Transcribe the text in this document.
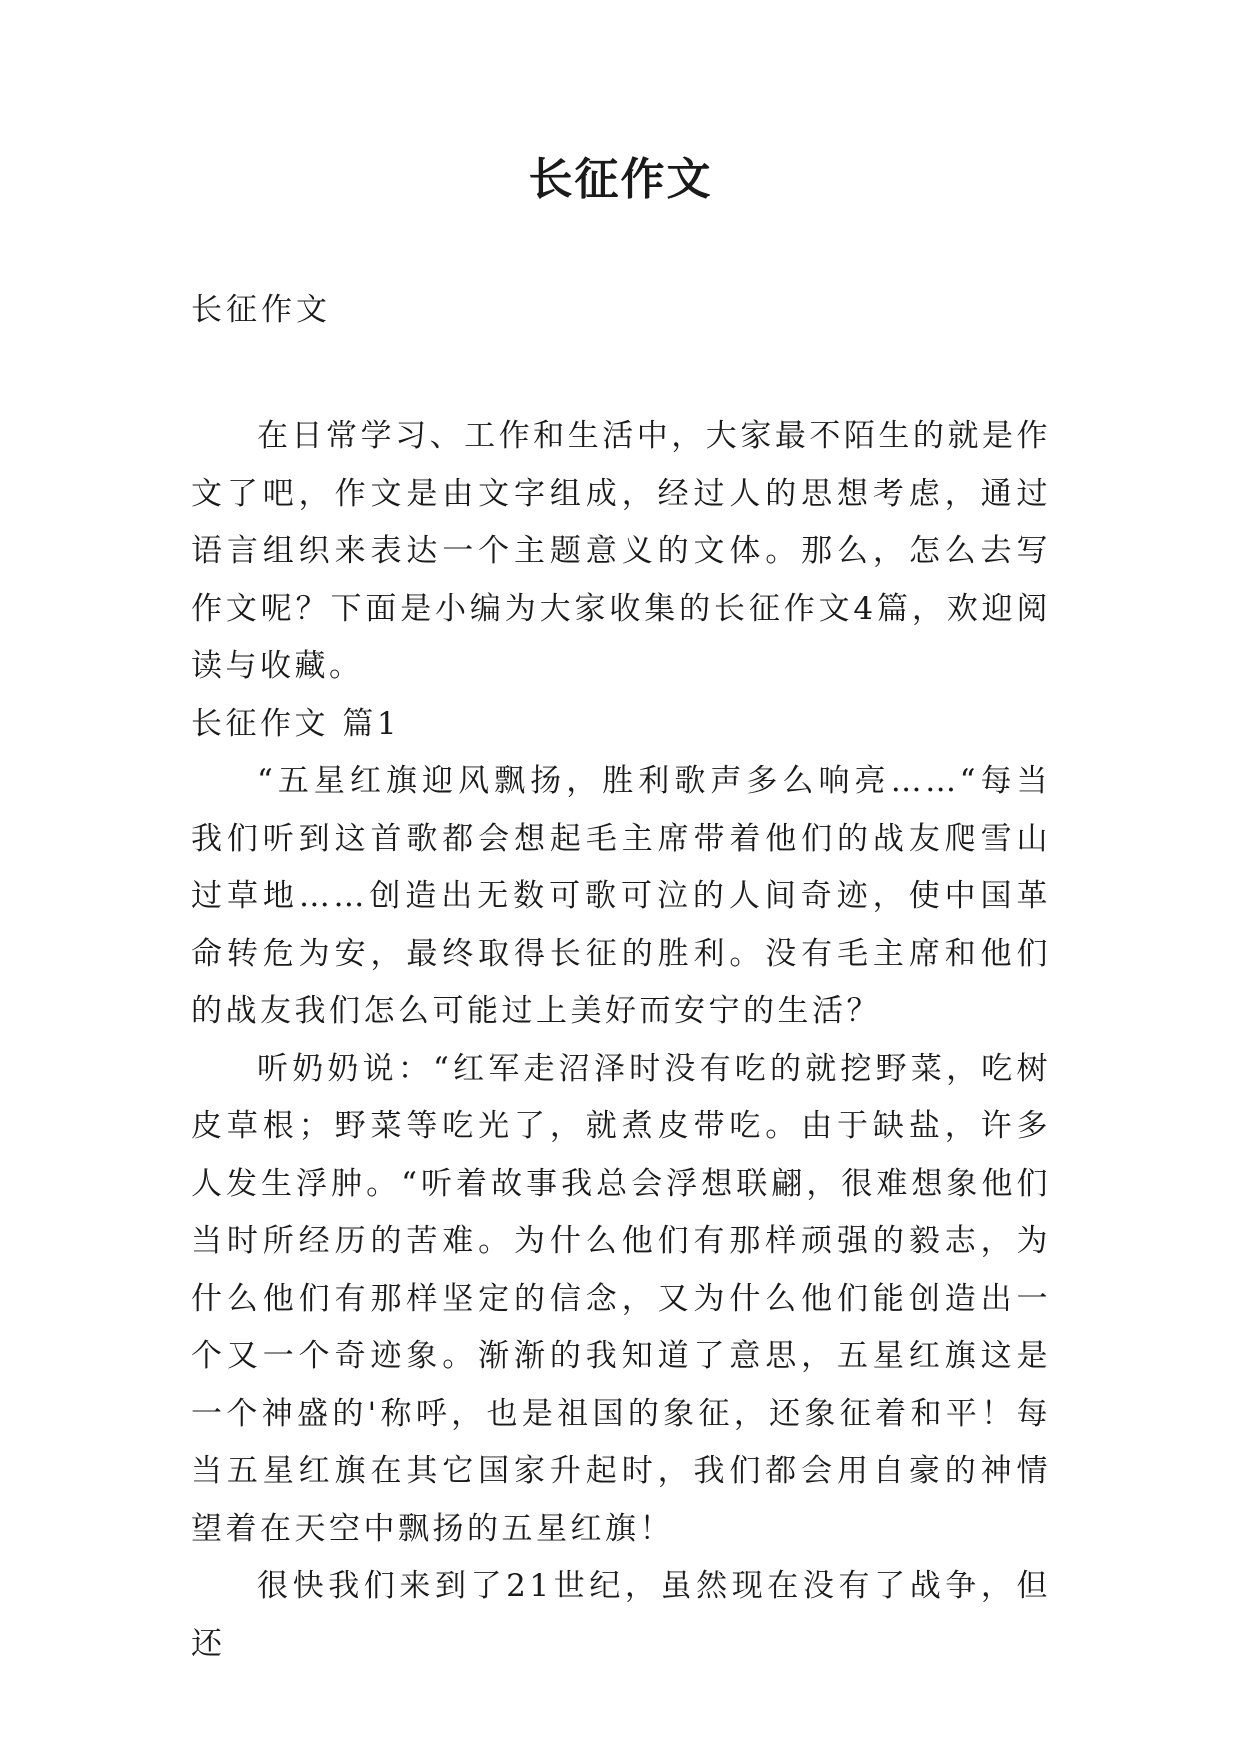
长征作文

长征作文

在日常学习、工作和生活中，大家最不陌生的就是作文了吧，作文是由文字组成，经过人的思想考虑，通过语言组织来表达一个主题意义的文体。那么，怎么去写作文呢？下面是小编为大家收集的长征作文4篇，欢迎阅读与收藏。

长征作文 篇1

“五星红旗迎风飘扬，胜利歌声多么响亮……“每当我们听到这首歌都会想起毛主席带着他们的战友爬雪山过草地……创造出无数可歌可泣的人间奇迹，使中国革命转危为安，最终取得长征的胜利。没有毛主席和他们的战友我们怎么可能过上美好而安宁的生活？

听奶奶说：“红军走沼泽时没有吃的就挖野菜，吃树皮草根；野菜等吃光了，就煮皮带吃。由于缺盐，许多人发生浮肿。“听着故事我总会浮想联翩，很难想象他们当时所经历的苦难。为什么他们有那样顽强的毅志，为什么他们有那样坚定的信念，又为什么他们能创造出一个又一个奇迹象。渐渐的我知道了意思，五星红旗这是一个神盛的'称呼，也是祖国的象征，还象征着和平！每当五星红旗在其它国家升起时，我们都会用自豪的神情望着在天空中飘扬的五星红旗！

很快我们来到了21世纪，虽然现在没有了战争，但还
